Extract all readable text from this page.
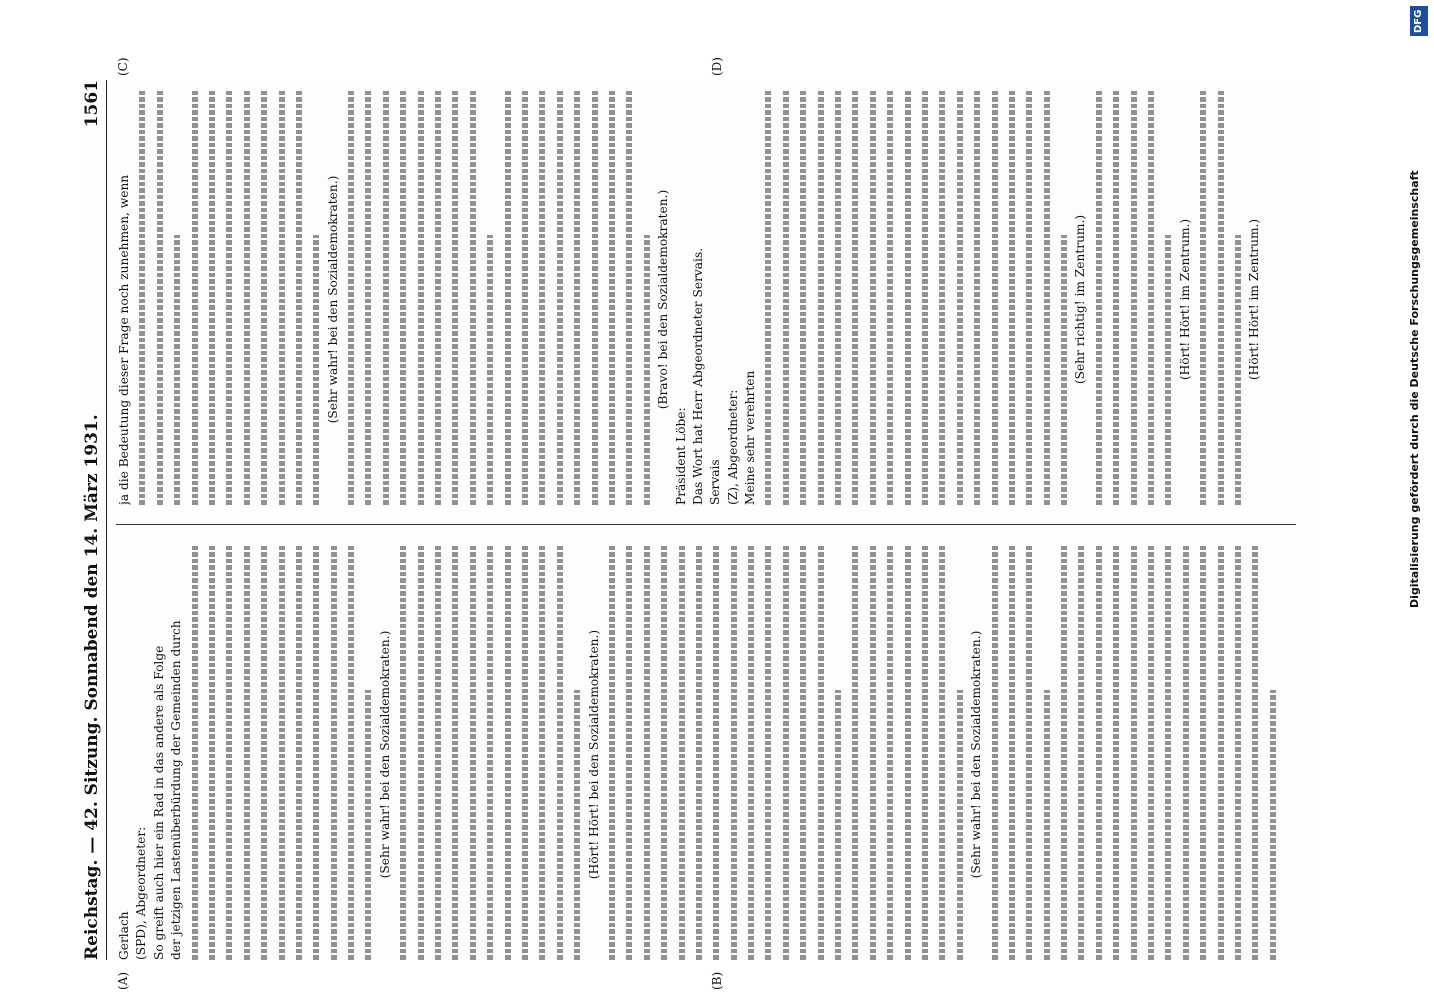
Reichstag. — 42. Sitzung. Sonnabend den 14. März 1931.
1561
Gerlach (SPD), Abgeordneter: So greift auch hier ein Rad in das andere als Folge der jetzigen Lastenüberbürdung der Gemeinden durch	(Sehr wahr! bei den Sozialdemokraten.)	(Hört! Hört! bei den Sozialdemokraten.)	(Sehr wahr! bei den Sozialdemokraten.)
ja die Bedeutung dieser Frage noch zunehmen, wenn	(Sehr wahr! bei den Sozialdemokraten.)	(Bravo! bei den Sozialdemokraten.)
Präsident Löbe: Das Wort hat Herr Abgeordneter Servais. Servais (Z), Abgeordneter: Meine sehr verehrten
(Sehr richtig! im Zentrum.)	(Hört! Hört! im Zentrum.)	(Hört! Hört! im Zentrum.)
(A)	(B)
(C)	(D)
DFG
Digitalisierung gefördert durch die Deutsche Forschungsgemeinschaft
